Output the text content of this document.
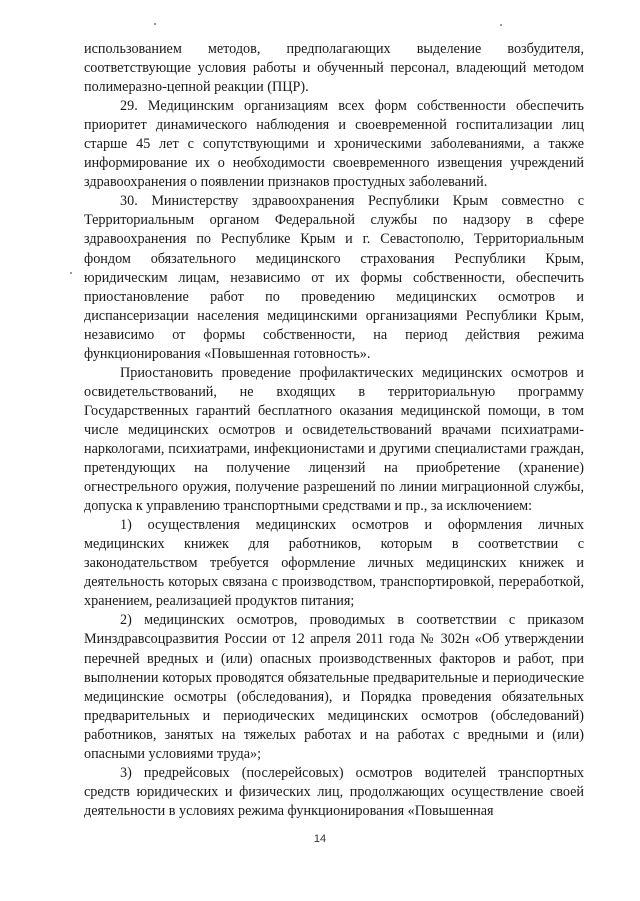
использованием методов, предполагающих выделение возбудителя, соответствующие условия работы и обученный персонал, владеющий методом полимеразно-цепной реакции (ПЦР).

29. Медицинским организациям всех форм собственности обеспечить приоритет динамического наблюдения и своевременной госпитализации лиц старше 45 лет с сопутствующими и хроническими заболеваниями, а также информирование их о необходимости своевременного извещения учреждений здравоохранения о появлении признаков простудных заболеваний.

30. Министерству здравоохранения Республики Крым совместно с Территориальным органом Федеральной службы по надзору в сфере здравоохранения по Республике Крым и г. Севастополю, Территориальным фондом обязательного медицинского страхования Республики Крым, юридическим лицам, независимо от их формы собственности, обеспечить приостановление работ по проведению медицинских осмотров и диспансеризации населения медицинскими организациями Республики Крым, независимо от формы собственности, на период действия режима функционирования «Повышенная готовность».

Приостановить проведение профилактических медицинских осмотров и освидетельствований, не входящих в территориальную программу Государственных гарантий бесплатного оказания медицинской помощи, в том числе медицинских осмотров и освидетельствований врачами психиатрами-наркологами, психиатрами, инфекционистами и другими специалистами граждан, претендующих на получение лицензий на приобретение (хранение) огнестрельного оружия, получение разрешений по линии миграционной службы, допуска к управлению транспортными средствами и пр., за исключением:

1) осуществления медицинских осмотров и оформления личных медицинских книжек для работников, которым в соответствии с законодательством требуется оформление личных медицинских книжек и деятельность которых связана с производством, транспортировкой, переработкой, хранением, реализацией продуктов питания;

2) медицинских осмотров, проводимых в соответствии с приказом Минздравсоцразвития России от 12 апреля 2011 года № 302н «Об утверждении перечней вредных и (или) опасных производственных факторов и работ, при выполнении которых проводятся обязательные предварительные и периодические медицинские осмотры (обследования), и Порядка проведения обязательных предварительных и периодических медицинских осмотров (обследований) работников, занятых на тяжелых работах и на работах с вредными и (или) опасными условиями труда»;

3) предрейсовых (послерейсовых) осмотров водителей транспортных средств юридических и физических лиц, продолжающих осуществление своей деятельности в условиях режима функционирования «Повышенная

14
